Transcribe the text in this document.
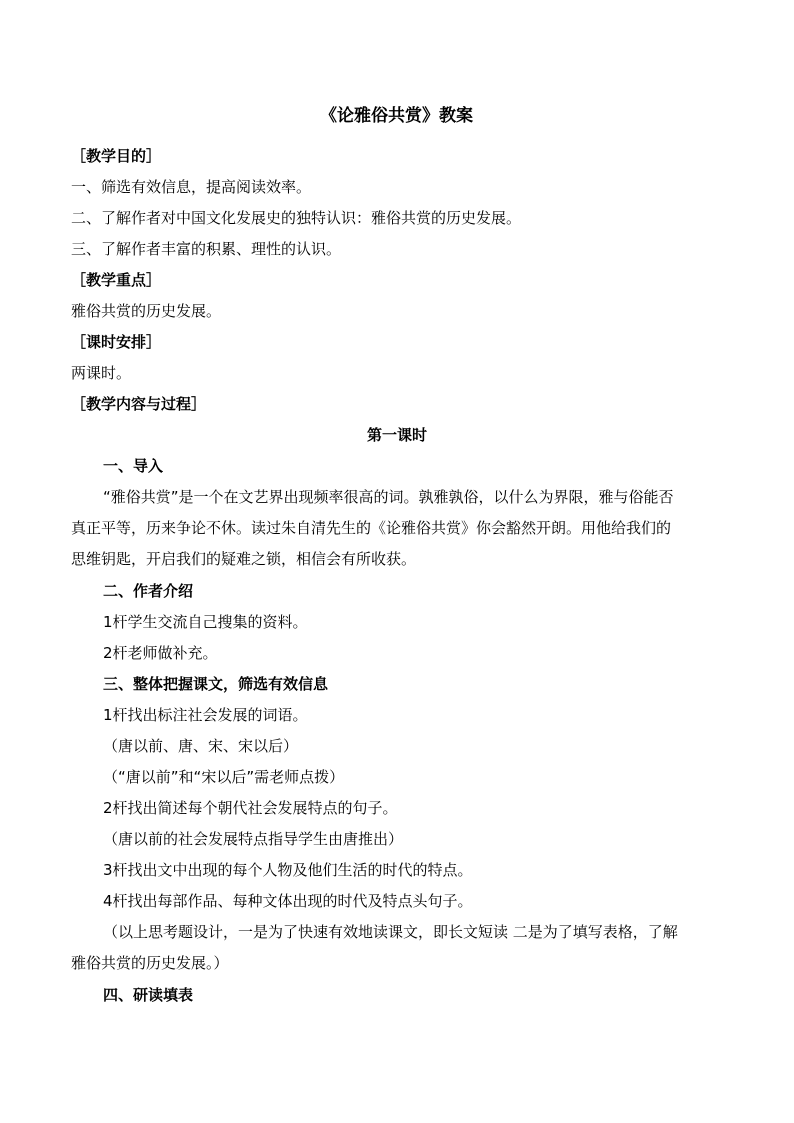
《论雅俗共赏》教案
［教学目的］
一、筛选有效信息，提高阅读效率。
二、了解作者对中国文化发展史的独特认识：雅俗共赏的历史发展。
三、了解作者丰富的积累、理性的认识。
［教学重点］
雅俗共赏的历史发展。
［课时安排］
两课时。
［教学内容与过程］
第一课时
一、导入
“雅俗共赏”是一个在文艺界出现频率很高的词。孰雅孰俗，以什么为界限，雅与俗能否
真正平等，历来争论不休。读过朱自清先生的《论雅俗共赏》你会豁然开朗。用他给我们的
思维钥匙，开启我们的疑难之锁，相信会有所收获。
二、作者介绍
1杆学生交流自己搜集的资料。
2杆老师做补充。
三、整体把握课文，筛选有效信息
1杆找出标注社会发展的词语。
（唐以前、唐、宋、宋以后）
（“唐以前”和“宋以后”需老师点拨）
2杆找出简述每个朝代社会发展特点的句子。
（唐以前的社会发展特点指导学生由唐推出）
3杆找出文中出现的每个人物及他们生活的时代的特点。
4杆找出每部作品、每种文体出现的时代及特点头句子。
（以上思考题设计，一是为了快速有效地读课文，即长文短读 二是为了填写表格，了解
雅俗共赏的历史发展。）
四、研读填表
